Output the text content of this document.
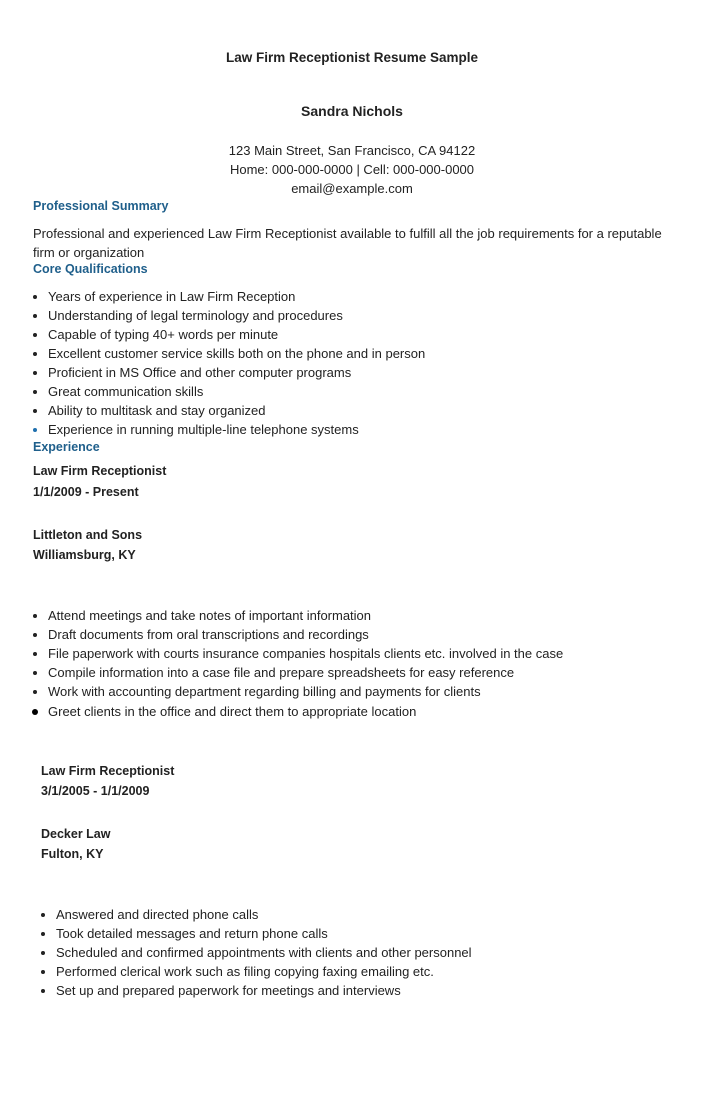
Law Firm Receptionist Resume Sample
Sandra Nichols
123 Main Street, San Francisco, CA 94122
Home: 000-000-0000 | Cell: 000-000-0000
email@example.com
Professional Summary
Professional and experienced Law Firm Receptionist available to fulfill all the job requirements for a reputable
firm or organization
Core Qualifications
Years of experience in Law Firm Reception
Understanding of legal terminology and procedures
Capable of typing 40+ words per minute
Excellent customer service skills both on the phone and in person
Proficient in MS Office and other computer programs
Great communication skills
Ability to multitask and stay organized
Experience in running multiple-line telephone systems
Experience
Law Firm Receptionist
1/1/2009 - Present
Littleton and Sons
Williamsburg, KY
Attend meetings and take notes of important information
Draft documents from oral transcriptions and recordings
File paperwork with courts insurance companies hospitals clients etc. involved in the case
Compile information into a case file and prepare spreadsheets for easy reference
Work with accounting department regarding billing and payments for clients
Greet clients in the office and direct them to appropriate location
Law Firm Receptionist
3/1/2005 - 1/1/2009
Decker Law
Fulton, KY
Answered and directed phone calls
Took detailed messages and return phone calls
Scheduled and confirmed appointments with clients and other personnel
Performed clerical work such as filing copying faxing emailing etc.
Set up and prepared paperwork for meetings and interviews
